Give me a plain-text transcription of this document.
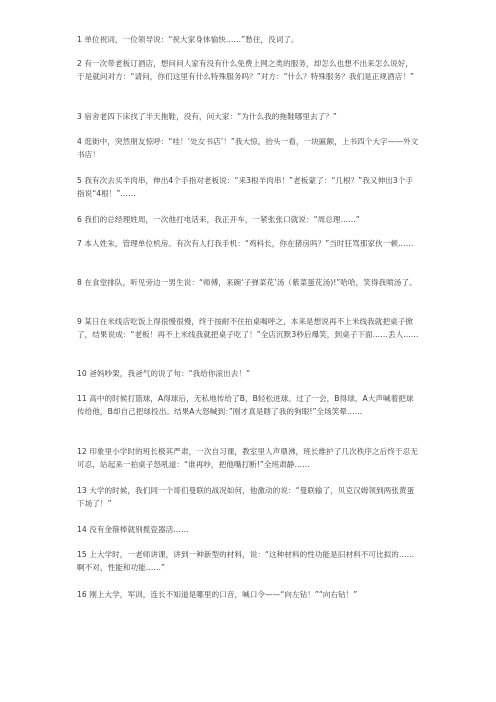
1 单位祝词，一位领导说：“祝大家身体愉快……”愁住，没词了。

2 有一次带老板订酒店，想问问人家有没有什么免费上网之类的服务，却怎么也想不出来怎么说好，于是就问对方：“请问，你们这里有什么特殊服务吗？”对方：“什么？特殊服务？我们是正规酒店！”

3 宿舍老四下床找了半天拖鞋，没有，问大家：“为什么我的拖鞋哪里去了？”

4 逛街中，突然朋友惊呼：“哇！‘处女书店’！”我大惊，抬头一看，一块匾额，上书四个大字——外文书店！

5 我有次去买羊肉串，伸出4个手指对老板说：“来3根羊肉串！”老板蒙了：“几根？”我又伸出3个手指说“4根！”……

6 我们的总经理姓周，一次他打电话来，我正开车，一紧张张口就说：“周总理……”

7 本人姓朱，管理单位机房。有次有人打我手机：“鸡科长，你在猪房吗？”当时狂骂那家伙一顿……

8 在食堂排队，听见旁边一男生说：“师傅，来碗‘子弹菜花’汤（紫菜蛋花汤)!”哈哈，笑得我喷汤了。

9 某日在米线店吃饭上得很慢很慢，终于按耐不住拍桌喝呼之，本来是想说再不上米线我就把桌子掀了，结果说成：“老板！再不上米线我就把桌子吃了！”全店沉默3秒后爆笑，到桌子下面……丢人……

10 爸妈吵架，我爸气的说了句：“我给你滚出去！”

11 高中的时候打篮球，A得球后，无私地传给了B，B轻松进球。过了一会，B得球，A大声喊着把球传给他，B却自己把球投出。结果A大怒喊到：”刚才真是瞎了我的狗眼!”全场笑晕……

12 印象里小学时的班长极其严肃，一次自习课，教室里人声鼎沸，班长维护了几次秩序之后终于忍无可忍，站起来一拍桌子怒吼道：“谁再吵，把他嘴打断!”全班肃静……

13 大学的时候，我们同一个哥们曼联的战况如何，他激动的说：“曼联输了，贝克汉姆领到两张黄蛋下场了！”

14 没有金箍棒就别揽瓷器活……

15 上大学时，一老师讲课，讲到一种新型的材料，说：“这种材料的性功能是旧材料不可比拟的……啊不对，性能和功能……”

16 刚上大学，军训，连长不知道是哪里的口音，喊口令——“向左钻！”“向右钻！”
